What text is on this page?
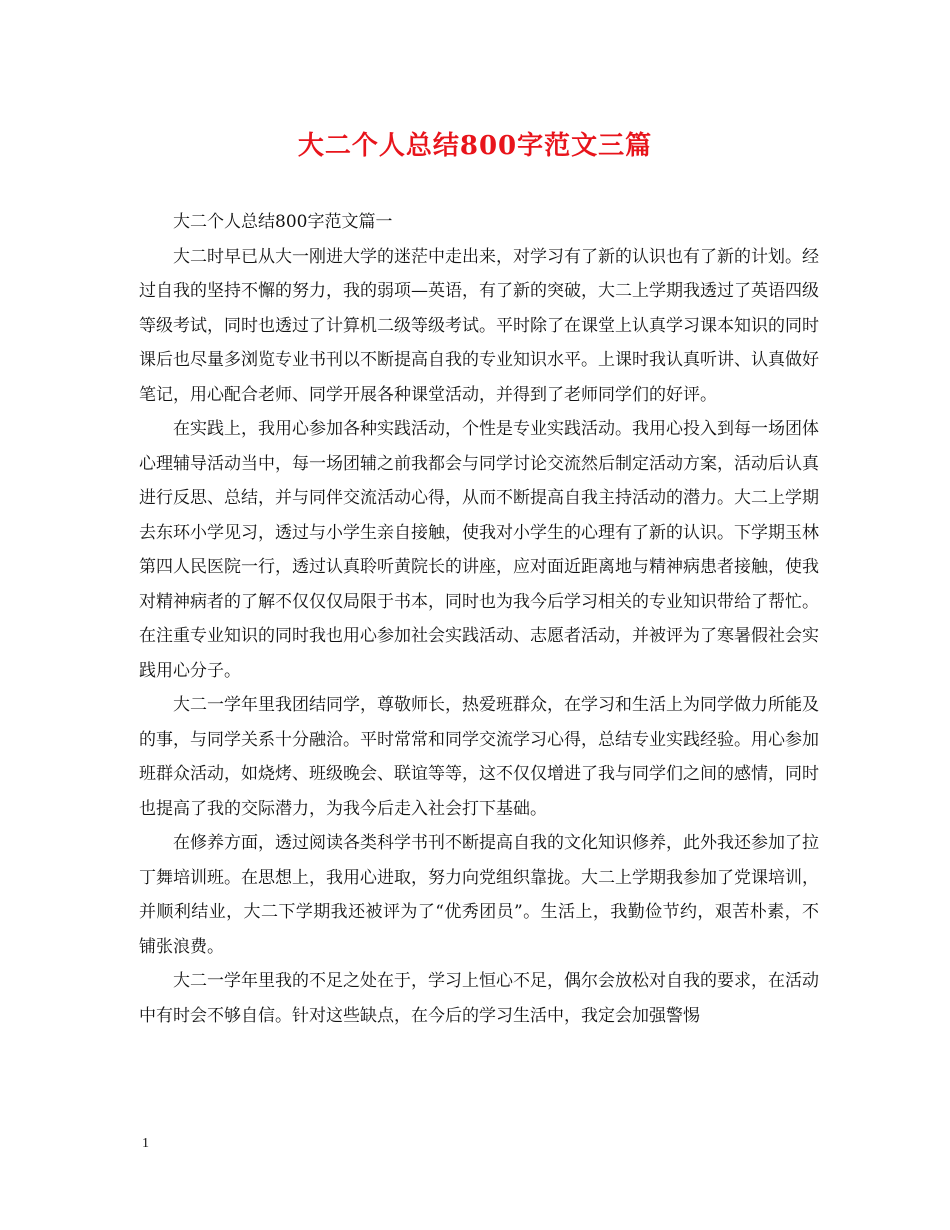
大二个人总结800字范文三篇

大二个人总结800字范文篇一

大二时早已从大一刚进大学的迷茫中走出来，对学习有了新的认识也有了新的计划。经过自我的坚持不懈的努力，我的弱项—英语，有了新的突破，大二上学期我透过了英语四级等级考试，同时也透过了计算机二级等级考试。平时除了在课堂上认真学习课本知识的同时课后也尽量多浏览专业书刊以不断提高自我的专业知识水平。上课时我认真听讲、认真做好笔记，用心配合老师、同学开展各种课堂活动，并得到了老师同学们的好评。

在实践上，我用心参加各种实践活动，个性是专业实践活动。我用心投入到每一场团体心理辅导活动当中，每一场团辅之前我都会与同学讨论交流然后制定活动方案，活动后认真进行反思、总结，并与同伴交流活动心得，从而不断提高自我主持活动的潜力。大二上学期去东环小学见习，透过与小学生亲自接触，使我对小学生的心理有了新的认识。下学期玉林第四人民医院一行，透过认真聆听黄院长的讲座，应对面近距离地与精神病患者接触，使我对精神病者的了解不仅仅仅局限于书本，同时也为我今后学习相关的专业知识带给了帮忙。在注重专业知识的同时我也用心参加社会实践活动、志愿者活动，并被评为了寒暑假社会实践用心分子。

大二一学年里我团结同学，尊敬师长，热爱班群众，在学习和生活上为同学做力所能及的事，与同学关系十分融洽。平时常常和同学交流学习心得，总结专业实践经验。用心参加班群众活动，如烧烤、班级晚会、联谊等等，这不仅仅增进了我与同学们之间的感情，同时也提高了我的交际潜力，为我今后走入社会打下基础。

在修养方面，透过阅读各类科学书刊不断提高自我的文化知识修养，此外我还参加了拉丁舞培训班。在思想上，我用心进取，努力向党组织靠拢。大二上学期我参加了党课培训，并顺利结业，大二下学期我还被评为了“优秀团员”。生活上，我勤俭节约，艰苦朴素，不铺张浪费。

大二一学年里我的不足之处在于，学习上恒心不足，偶尔会放松对自我的要求，在活动中有时会不够自信。针对这些缺点，在今后的学习生活中，我定会加强警惕

1
